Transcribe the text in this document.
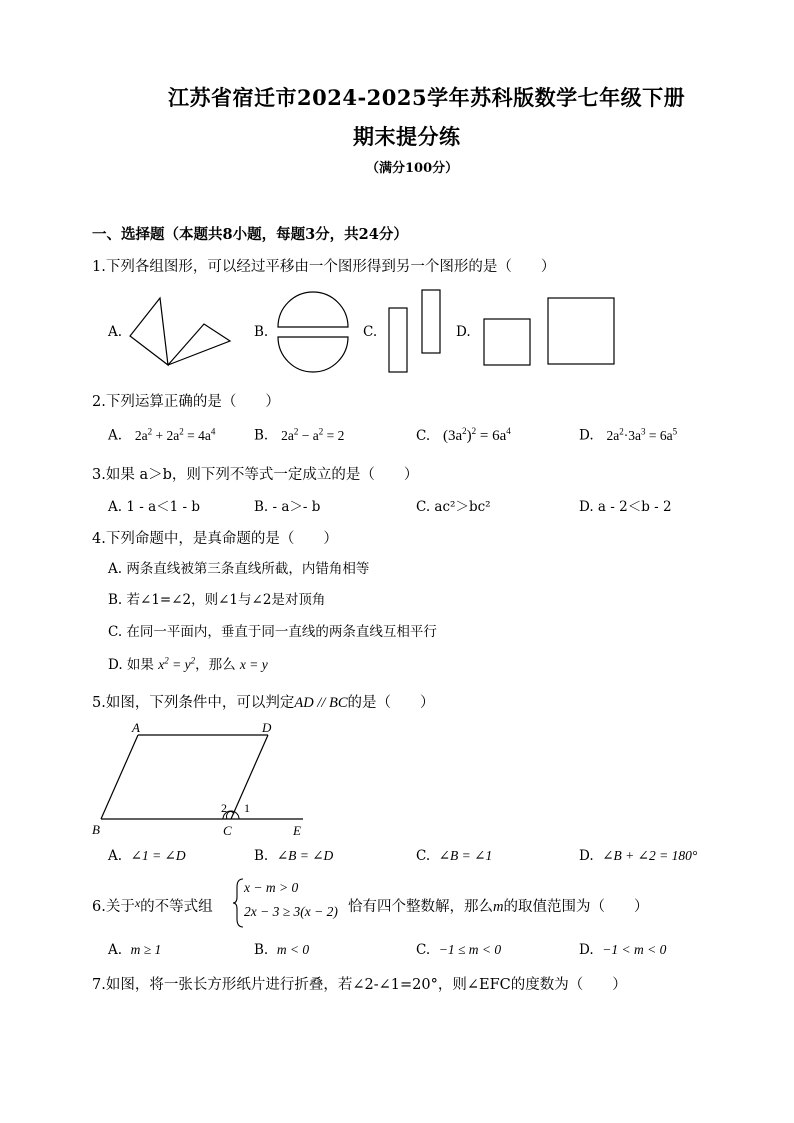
江苏省宿迁市2024-2025学年苏科版数学七年级下册
期末提分练
（满分100分）
一、选择题（本题共8小题，每题3分，共24分）
1.下列各组图形，可以经过平移由一个图形得到另一个图形的是（　　）
A.	B.	C.	D.
2.下列运算正确的是（　　）
A. $2a^2 + 2a^2 = 4a^4$	B. $2a^2 - a^2 = 2$	C. $(3a^2)^2 = 6a^4$	D. $2a^2\cdot 3a^3 = 6a^5$
3.如果 a＞b，则下列不等式一定成立的是（　　）
A. 1 - a＜1 - b	B. - a＞- b	C. ac²＞bc²	D. a - 2＜b - 2
4.下列命题中，是真命题的是（　　）
A. 两条直线被第三条直线所截，内错角相等
B. 若∠1=∠2，则∠1与∠2是对顶角
C. 在同一平面内，垂直于同一直线的两条直线互相平行
D. 如果 $x^2 = y^2$，那么 x = y
5.如图，下列条件中，可以判定AD // BC的是（　　）
A	D
B	C	E
2 1
A. ∠1 = ∠D	B. ∠B = ∠D	C. ∠B = ∠1	D. ∠B + ∠2 = 180°
6.关于$^x$的不等式组
x − m > 0
2x − 3 ≥ 3(x − 2) 恰有四个整数解，那么m的取值范围为（　　）
A. m ≥ 1	B. m < 0	C. −1 ≤ m < 0	D. −1 < m < 0
7.如图，将一张长方形纸片进行折叠，若∠2-∠1=20°，则∠EFC的度数为（　　）
